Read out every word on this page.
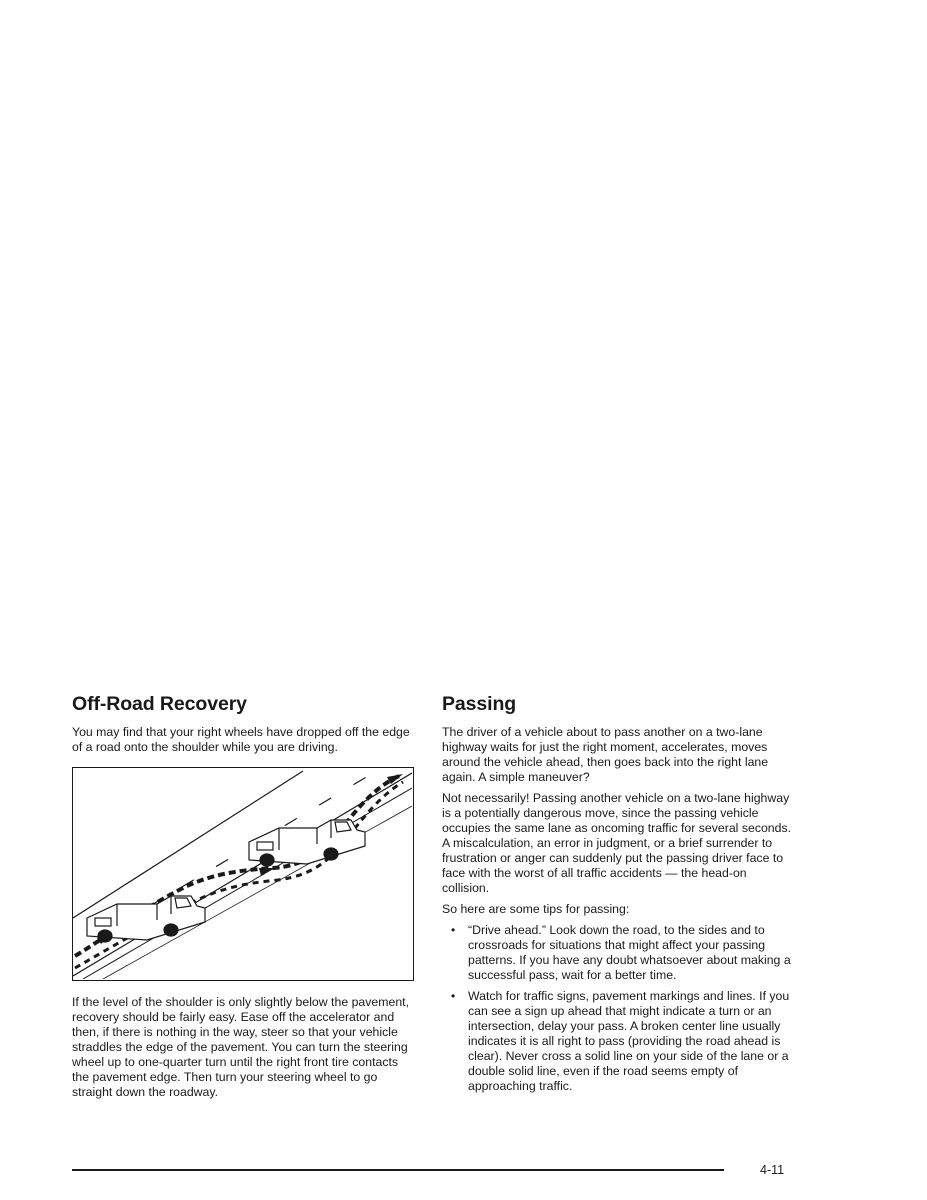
Off-Road Recovery

You may find that your right wheels have dropped off the edge of a road onto the shoulder while you are driving.

If the level of the shoulder is only slightly below the pavement, recovery should be fairly easy. Ease off the accelerator and then, if there is nothing in the way, steer so that your vehicle straddles the edge of the pavement. You can turn the steering wheel up to one-quarter turn until the right front tire contacts the pavement edge. Then turn your steering wheel to go straight down the roadway.

Passing

The driver of a vehicle about to pass another on a two-lane highway waits for just the right moment, accelerates, moves around the vehicle ahead, then goes back into the right lane again. A simple maneuver?

Not necessarily! Passing another vehicle on a two-lane highway is a potentially dangerous move, since the passing vehicle occupies the same lane as oncoming traffic for several seconds. A miscalculation, an error in judgment, or a brief surrender to frustration or anger can suddenly put the passing driver face to face with the worst of all traffic accidents — the head-on collision.

So here are some tips for passing:

• “Drive ahead.” Look down the road, to the sides and to crossroads for situations that might affect your passing patterns. If you have any doubt whatsoever about making a successful pass, wait for a better time.
• Watch for traffic signs, pavement markings and lines. If you can see a sign up ahead that might indicate a turn or an intersection, delay your pass. A broken center line usually indicates it is all right to pass (providing the road ahead is clear). Never cross a solid line on your side of the lane or a double solid line, even if the road seems empty of approaching traffic.
4-11
